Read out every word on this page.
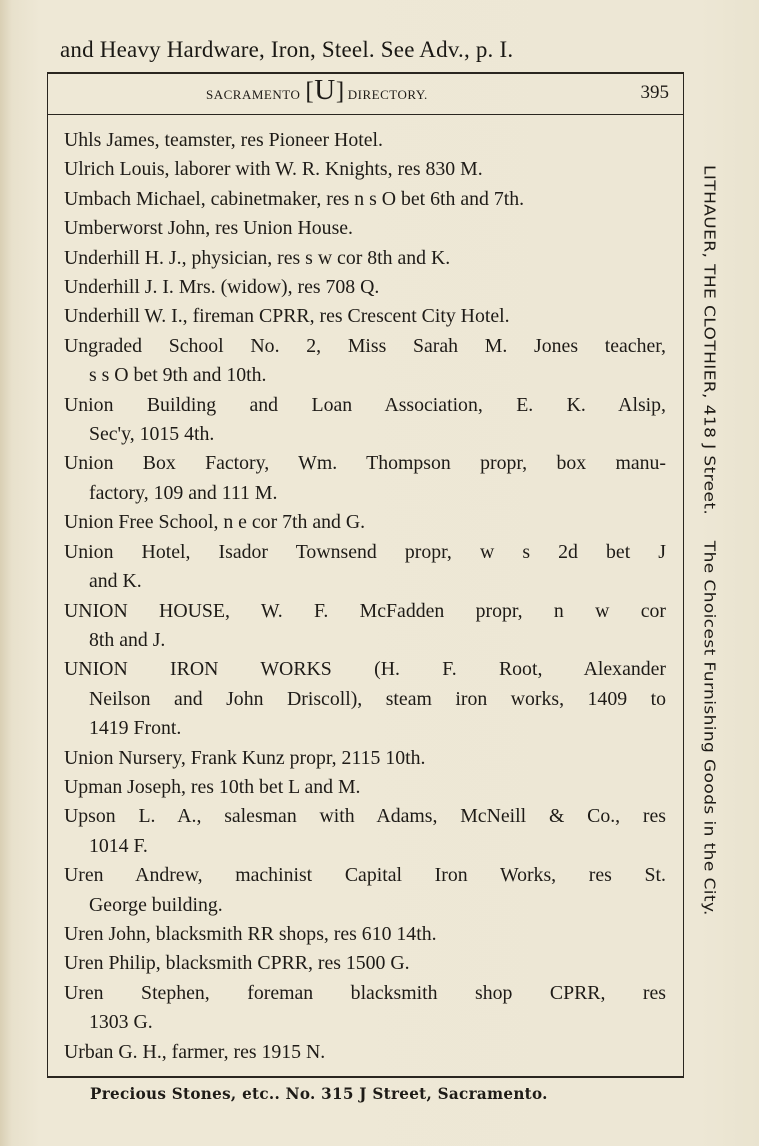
and Heavy Hardware, Iron, Steel. See Adv., p. I.
SACRAMENTO [U] DIRECTORY.	395
Uhls James, teamster, res Pioneer Hotel.
Ulrich Louis, laborer with W. R. Knights, res 830 M.
Umbach Michael, cabinetmaker, res n s O bet 6th and 7th.
Umberworst John, res Union House.
Underhill H. J., physician, res s w cor 8th and K.
Underhill J. I. Mrs. (widow), res 708 Q.
Underhill W. I., fireman CPRR, res Crescent City Hotel.
Ungraded School No. 2, Miss Sarah M. Jones teacher,
s s O bet 9th and 10th.
Union Building and Loan Association, E. K. Alsip,
Sec'y, 1015 4th.
Union Box Factory, Wm. Thompson propr, box manu-
factory, 109 and 111 M.
Union Free School, n e cor 7th and G.
Union Hotel, Isador Townsend propr, w s 2d bet J
and K.
UNION HOUSE, W. F. McFadden propr, n w cor
8th and J.
UNION IRON WORKS (H. F. Root, Alexander
Neilson and John Driscoll), steam iron works, 1409 to
1419 Front.
Union Nursery, Frank Kunz propr, 2115 10th.
Upman Joseph, res 10th bet L and M.
Upson L. A., salesman with Adams, McNeill & Co., res
1014 F.
Uren Andrew, machinist Capital Iron Works, res St.
George building.
Uren John, blacksmith RR shops, res 610 14th.
Uren Philip, blacksmith CPRR, res 1500 G.
Uren Stephen, foreman blacksmith shop CPRR, res
1303 G.
Urban G. H., farmer, res 1915 N.
LITHAUER, THE CLOTHIER, 418 J Street.  The Choicest Furnishing Goods in the City.
Precious Stones, etc.. No. 315 J Street, Sacramento.
